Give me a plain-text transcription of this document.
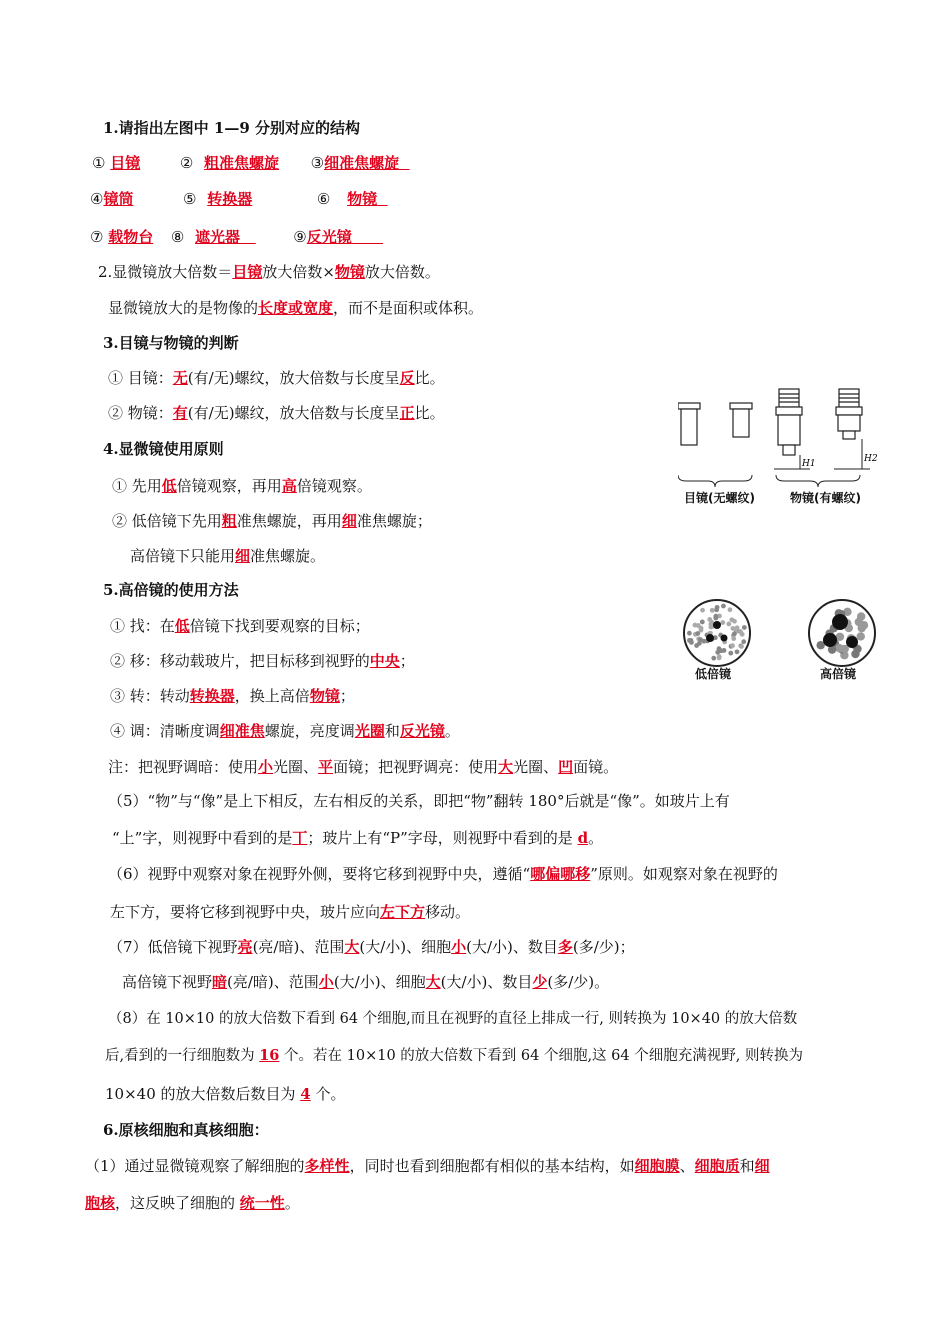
1.请指出左图中 1—9 分别对应的结构
① 目镜	② 粗准焦螺旋 ③细准焦螺旋
④镜筒	⑤ 转换器	⑥ 物镜
⑦ 载物台 ⑧ 遮光器	⑨反光镜
2.显微镜放大倍数＝目镜放大倍数×物镜放大倍数。
显微镜放大的是物像的长度或宽度，而不是面积或体积。
3.目镜与物镜的判断
① 目镜：无(有/无)螺纹，放大倍数与长度呈反比。
② 物镜：有(有/无)螺纹，放大倍数与长度呈正比。
4.显微镜使用原则
① 先用低倍镜观察，再用高倍镜观察。
② 低倍镜下先用粗准焦螺旋，再用细准焦螺旋；
高倍镜下只能用细准焦螺旋。
5.高倍镜的使用方法
① 找：在低倍镜下找到要观察的目标；
② 移：移动载玻片，把目标移到视野的中央；
③ 转：转动转换器，换上高倍物镜；
④ 调：清晰度调细准焦螺旋，亮度调光圈和反光镜。
注：把视野调暗：使用小光圈、平面镜；把视野调亮：使用大光圈、凹面镜。
（5）“物”与“像”是上下相反，左右相反的关系，即把“物”翻转 180°后就是“像”。如玻片上有
“上”字，则视野中看到的是丅；玻片上有“P”字母，则视野中看到的是 d。
（6）视野中观察对象在视野外侧，要将它移到视野中央，遵循“哪偏哪移”原则。如观察对象在视野的
左下方，要将它移到视野中央，玻片应向左下方移动。
（7）低倍镜下视野亮(亮/暗)、范围大(大/小)、细胞小(大/小)、数目多(多/少)；
高倍镜下视野暗(亮/暗)、范围小(大/小)、细胞大(大/小)、数目少(多/少)。
（8）在 10×10 的放大倍数下看到 64 个细胞,而且在视野的直径上排成一行, 则转换为 10×40 的放大倍数
后,看到的一行细胞数为 16 个。若在 10×10 的放大倍数下看到 64 个细胞,这 64 个细胞充满视野, 则转换为
10×40 的放大倍数后数目为 4 个。
6.原核细胞和真核细胞：
（1）通过显微镜观察了解细胞的多样性，同时也看到细胞都有相似的基本结构，如细胞膜、细胞质和细
胞核，这反映了细胞的 统一性。
H1	H2
目镜(无螺纹)	物镜(有螺纹)
低倍镜	高倍镜
